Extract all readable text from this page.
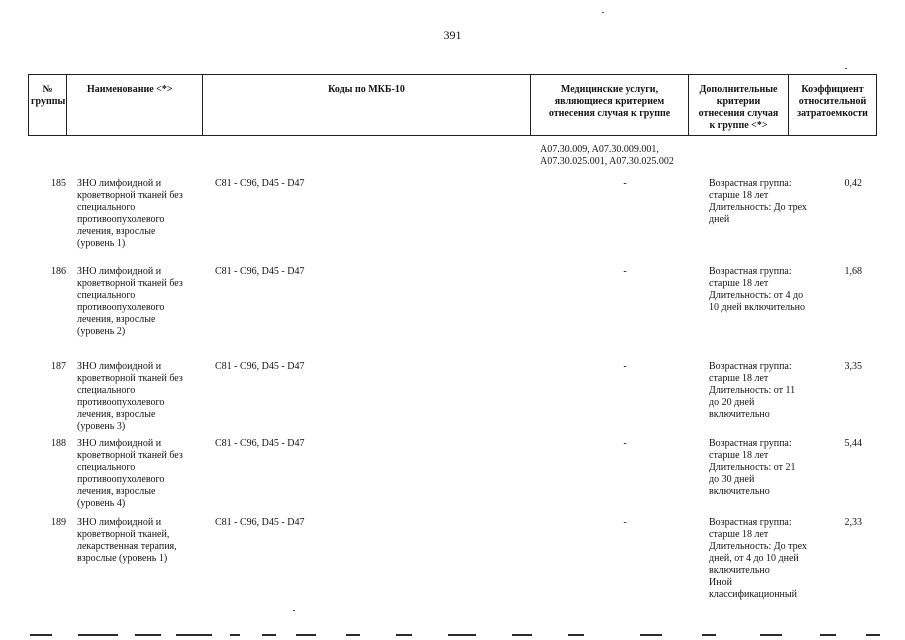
391
№
группы	Наименование <*>	Коды по МКБ-10	Медицинские услуги,
являющиеся критерием
отнесения случая к группе	Дополнительные
критерии
отнесения случая
к группе <*>	Коэффициент
относительной
затратоемкости
A07.30.009, A07.30.009.001,
A07.30.025.001, A07.30.025.002
185 ЗНО лимфоидной и
кроветворной тканей без
специального
противоопухолевого
лечения, взрослые
(уровень 1)
C81 - C96, D45 - D47	-	Возрастная группа:
старше 18 лет
Длительность: До трех
дней
0,42
186 ЗНО лимфоидной и
кроветворной тканей без
специального
противоопухолевого
лечения, взрослые
(уровень 2)
C81 - C96, D45 - D47	-	Возрастная группа:
старше 18 лет
Длительность: от 4 до
10 дней включительно
1,68
187 ЗНО лимфоидной и
кроветворной тканей без
специального
противоопухолевого
лечения, взрослые
(уровень 3)
C81 - C96, D45 - D47	-	Возрастная группа:
старше 18 лет
Длительность: от 11
до 20 дней
включительно
3,35
188 ЗНО лимфоидной и
кроветворной тканей без
специального
противоопухолевого
лечения, взрослые
(уровень 4)
C81 - C96, D45 - D47	-	Возрастная группа:
старше 18 лет
Длительность: от 21
до 30 дней
включительно
5,44
189 ЗНО лимфоидной и
кроветворной тканей,
лекарственная терапия,
взрослые (уровень 1)
C81 - C96, D45 - D47	-	Возрастная группа:
старше 18 лет
Длительность: До трех
дней, от 4 до 10 дней
включительно
Иной
классификационный
2,33
